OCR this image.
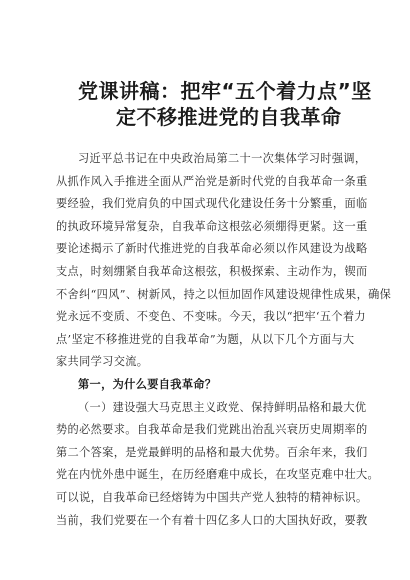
党课讲稿：把牢“五个着力点”坚
定不移推进党的自我革命
习近平总书记在中央政治局第二十一次集体学习时强调，
从抓作风入手推进全面从严治党是新时代党的自我革命一条重
要经验，我们党肩负的中国式现代化建设任务十分繁重，面临
的执政环境异常复杂，自我革命这根弦必须绷得更紧。这一重
要论述揭示了新时代推进党的自我革命必须以作风建设为战略
支点，时刻绷紧自我革命这根弦，积极探索、主动作为，锲而
不舍纠“四风”、树新风，持之以恒加固作风建设规律性成果，确保
党永远不变质、不变色、不变味。今天，我以“把牢‘五个着力
点’坚定不移推进党的自我革命”为题，从以下几个方面与大
家共同学习交流。
第一，为什么要自我革命？
（一）建设强大马克思主义政党、保持鲜明品格和最大优
势的必然要求。自我革命是我们党跳出治乱兴衰历史周期率的
第二个答案，是党最鲜明的品格和最大优势。百余年来，我们
党在内忧外患中诞生，在历经磨难中成长，在攻坚克难中壮大。
可以说，自我革命已经熔铸为中国共产党人独特的精神标识。
当前，我们党要在一个有着十四亿多人口的大国执好政，要教
